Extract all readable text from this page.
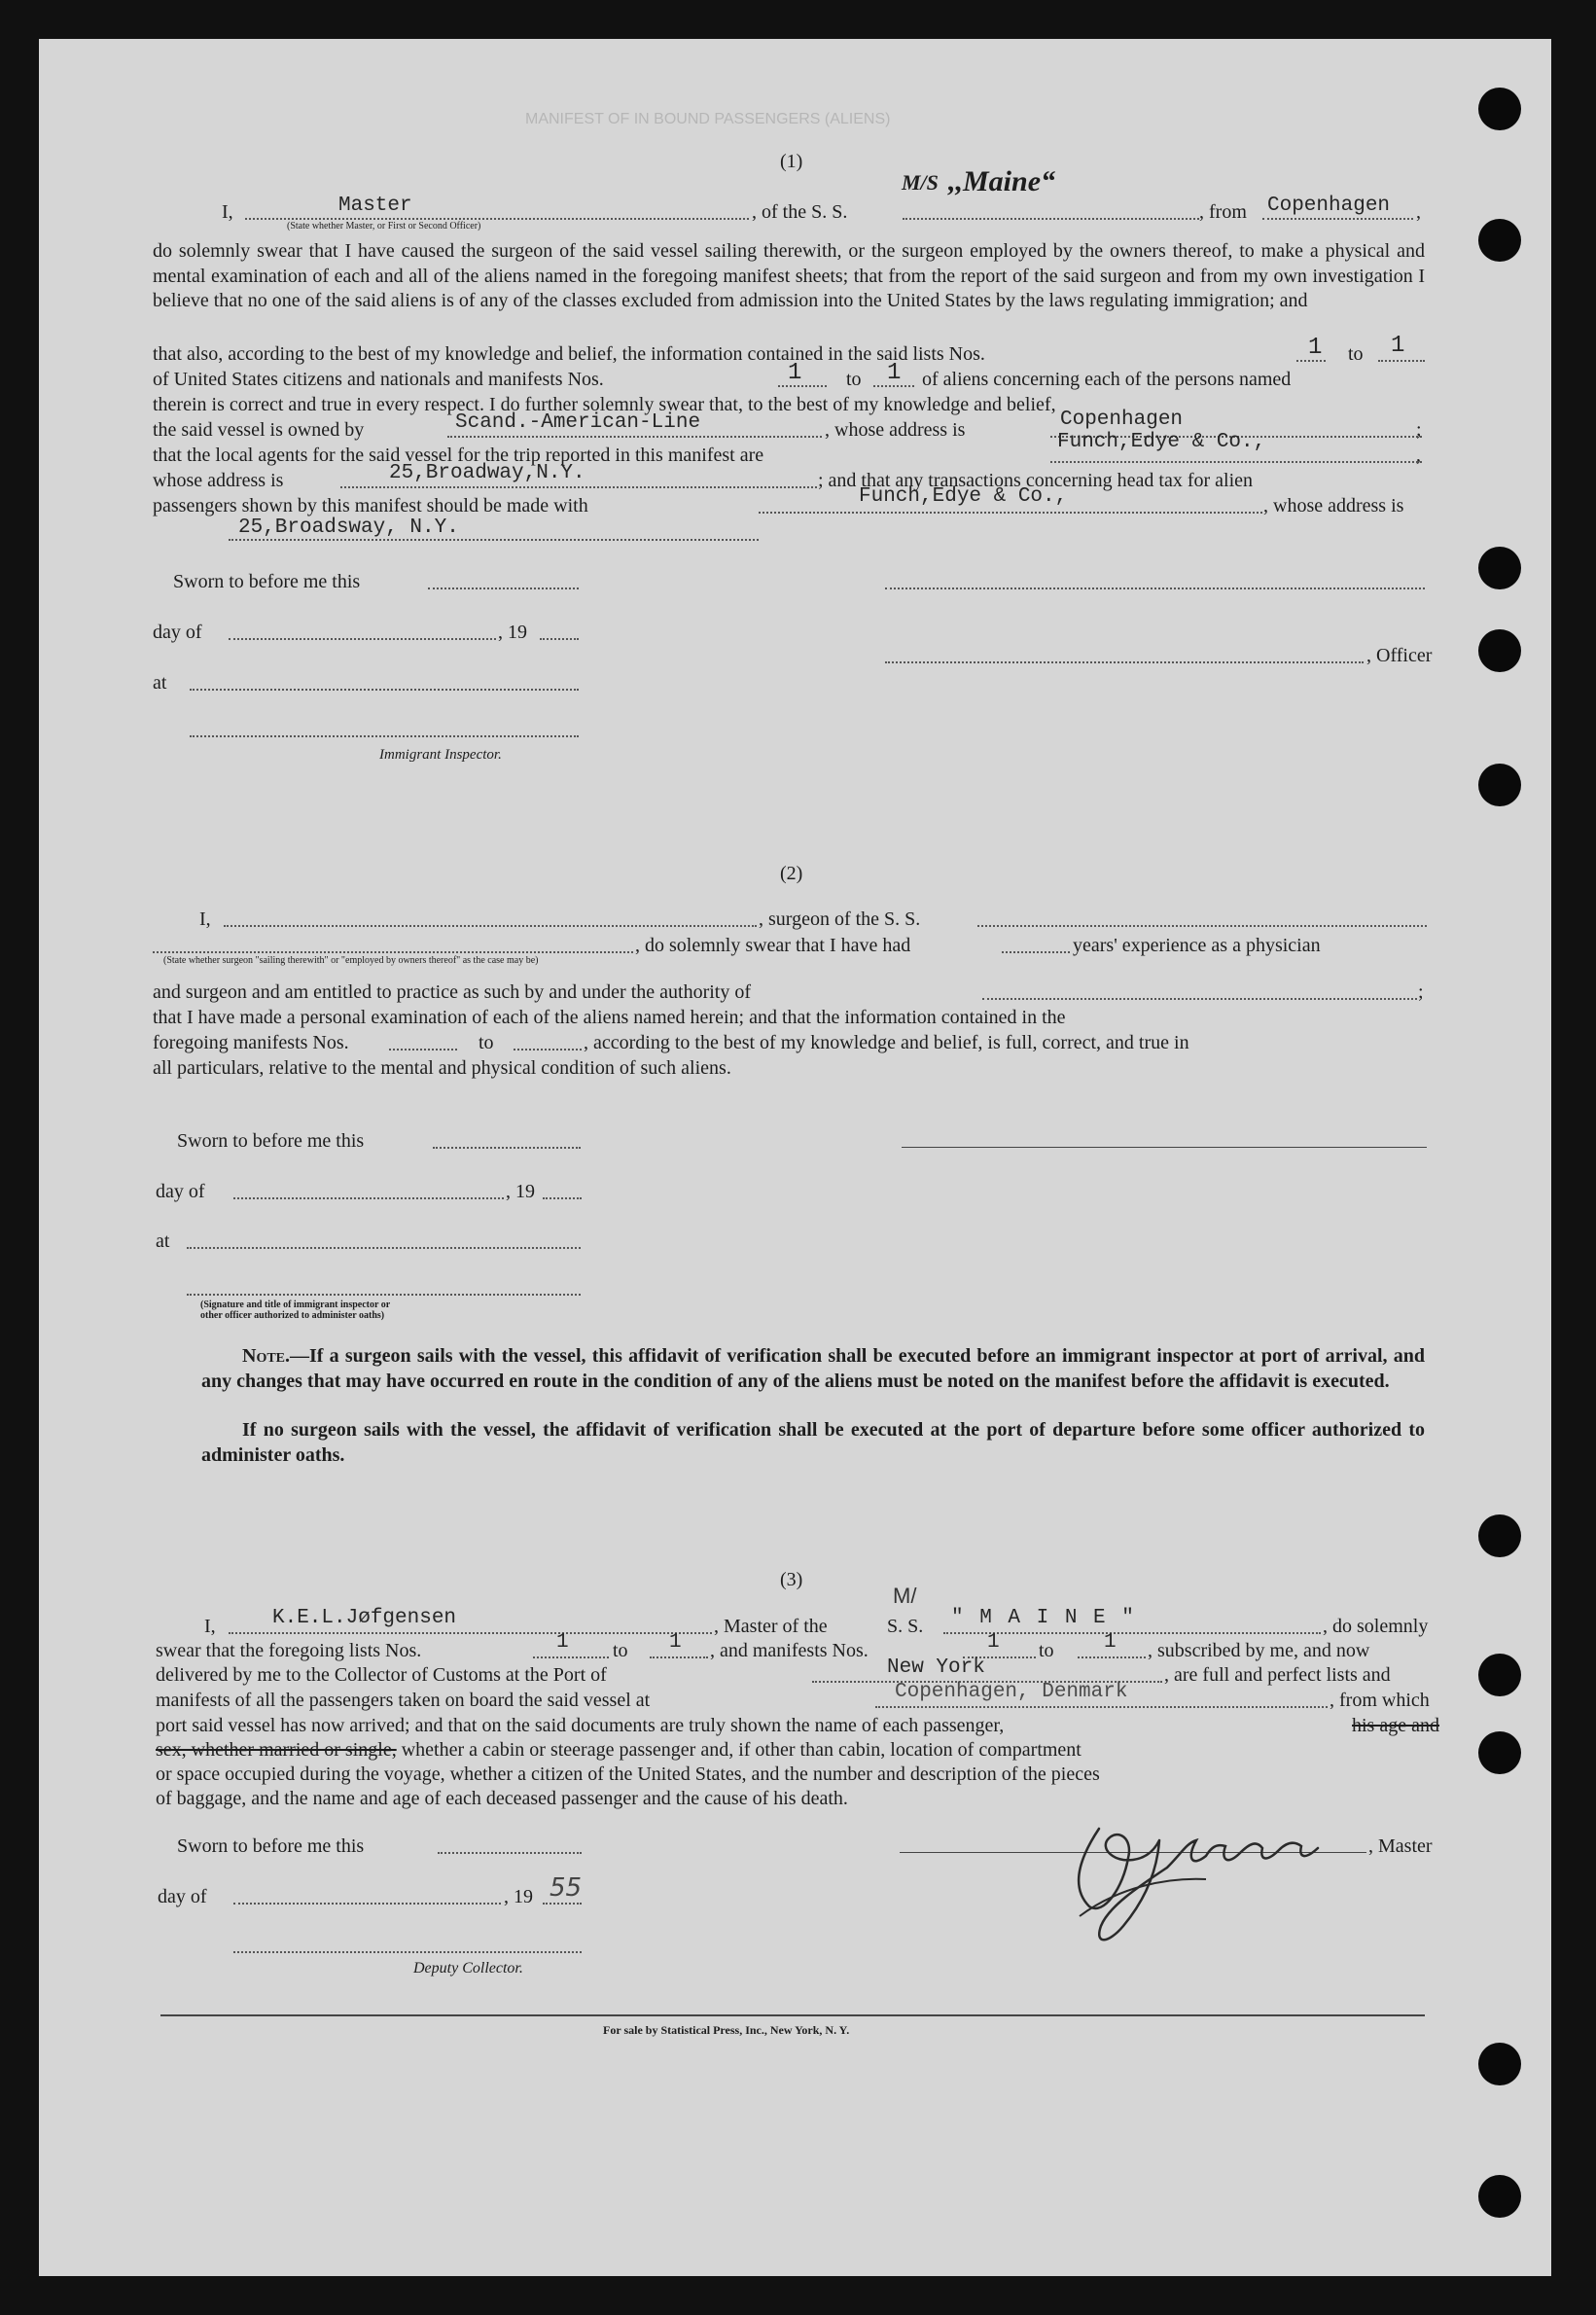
MANIFEST OF IN BOUND PASSENGERS (ALIENS)
(1)
I,	Master
(State whether Master, or First or Second Officer)
, of the S. S.
M/S ,,Maine“
, from Copenhagen ,
do solemnly swear that I have caused the surgeon of the said vessel sailing therewith, or the surgeon employed by the owners thereof, to make a physical and mental examination of each and all of the aliens named in the foregoing manifest sheets; that from the report of the said surgeon and from my own investigation I believe that no one of the said aliens is of any of the classes excluded from admission into the United States by the laws regulating immigration; and
that also, according to the best of my knowledge and belief, the information contained in the said lists Nos.	1 to 1
of United States citizens and nationals and manifests Nos.	1 to 1 of aliens concerning each of the persons named
therein is correct and true in every respect. I do further solemnly swear that, to the best of my knowledge and belief,
the said vessel is owned by	Scand.-American-Line	, whose address is	Copenhagen	;
that the local agents for the said vessel for the trip reported in this manifest are
Funch,Edye & Co.,
,
whose address is	25,Broadway,N.Y.	; and that any transactions concerning head tax for alien
passengers shown by this manifest should be made with	Funch,Edye & Co.,	, whose address is
25,Broadsway, N.Y.
Sworn to before me this
day of	, 19
at
Immigrant Inspector.
, Officer
(2)
I,	, surgeon of the S. S.
, do solemnly swear that I have had	years' experience as a physician
(State whether surgeon "sailing therewith" or "employed by owners thereof" as the case may be)
and surgeon and am entitled to practice as such by and under the authority of	;
that I have made a personal examination of each of the aliens named herein; and that the information contained in the
foregoing manifests Nos.	to	, according to the best of my knowledge and belief, is full, correct, and true in
all particulars, relative to the mental and physical condition of such aliens.
Sworn to before me this
day of	, 19
at
(Signature and title of immigrant inspector or
other officer authorized to administer oaths)
Note.—If a surgeon sails with the vessel, this affidavit of verification shall be executed before an immigrant inspector at port of arrival, and any changes that may have occurred en route in the condition of any of the aliens must be noted on the manifest before the affidavit is executed.
If no surgeon sails with the vessel, the affidavit of verification shall be executed at the port of departure before some officer authorized to administer oaths.
(3)
I,	K.E.L.Jøfgensen	, Master of the
M/
S. S. " M A I N E "	, do solemnly
swear that the foregoing lists Nos.	1 to 1 , and manifests Nos.	1 to 1 , subscribed by me, and now
delivered by me to the Collector of Customs at the Port of	New York	, are full and perfect lists and
manifests of all the passengers taken on board the said vessel at	Copenhagen, Denmark	, from which
port said vessel has now arrived; and that on the said documents are truly shown the name of each passenger,	his age and
sex, whether married or single, whether a cabin or steerage passenger and, if other than cabin, location of compartment
or space occupied during the voyage, whether a citizen of the United States, and the number and description of the pieces
of baggage, and the name and age of each deceased passenger and the cause of his death.
Sworn to before me this	, Master
day of	, 19 55
Deputy Collector.
For sale by Statistical Press, Inc., New York, N. Y.
